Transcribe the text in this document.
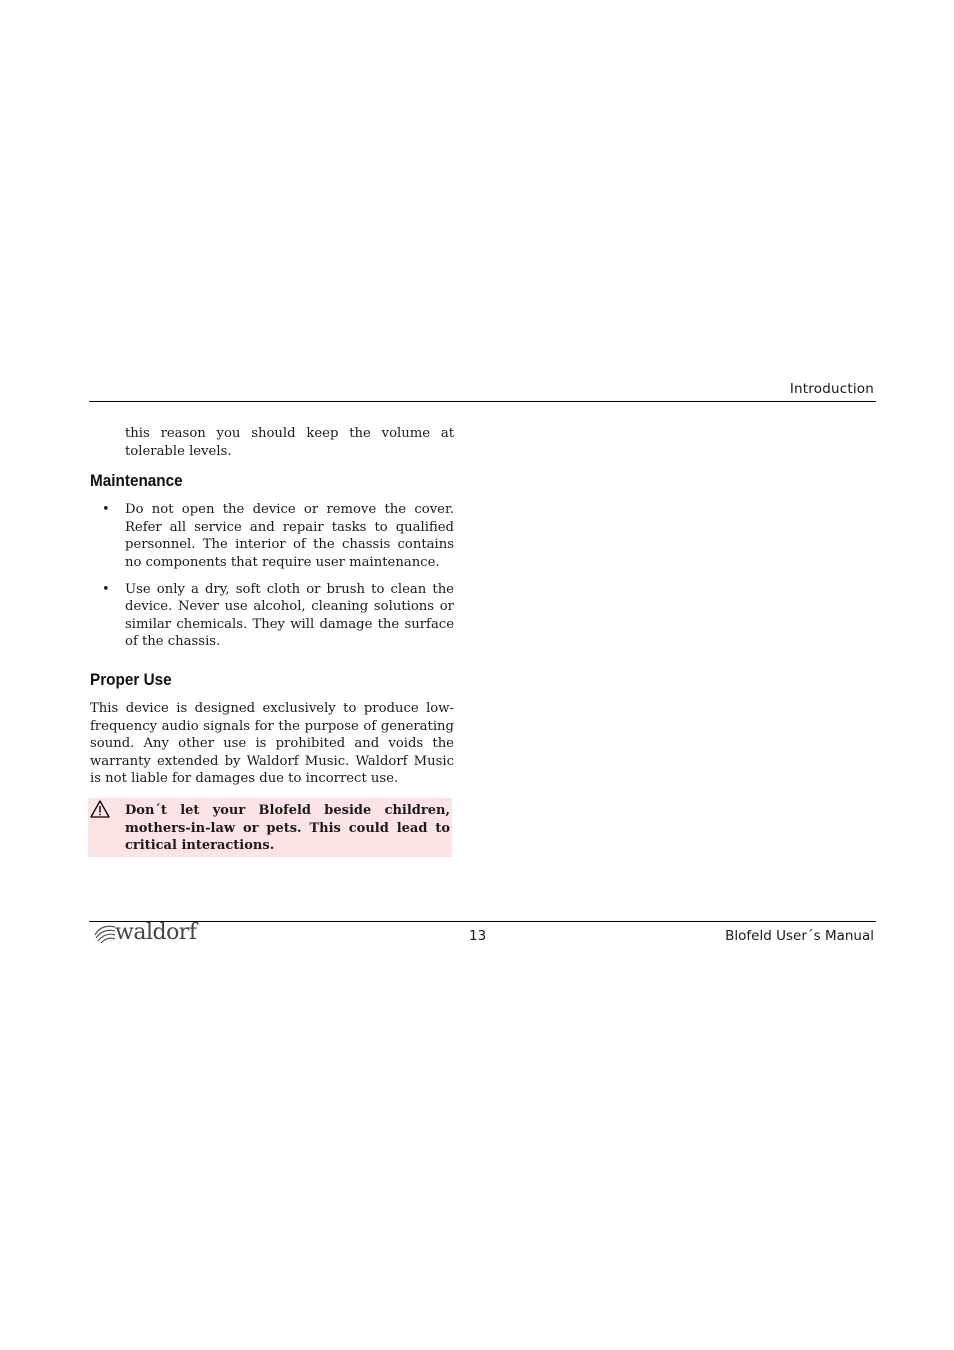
Introduction

this reason you should keep the volume at tolerable levels.

Maintenance
• Do not open the device or remove the cover. Refer all service and repair tasks to qualified personnel. The interior of the chassis contains no components that require user maintenance.

• Use only a dry, soft cloth or brush to clean the device. Never use alcohol, cleaning solutions or similar chemicals. They will damage the surface of the chassis.

Proper Use

This device is designed exclusively to produce low-frequency audio signals for the purpose of generating sound. Any other use is prohibited and voids the warranty extended by Waldorf Music. Waldorf Music is not liable for damages due to incorrect use.

Don´t let your Blofeld beside children, mothers-in-law or pets. This could lead to critical interactions.

waldorf	13	Blofeld User´s Manual
